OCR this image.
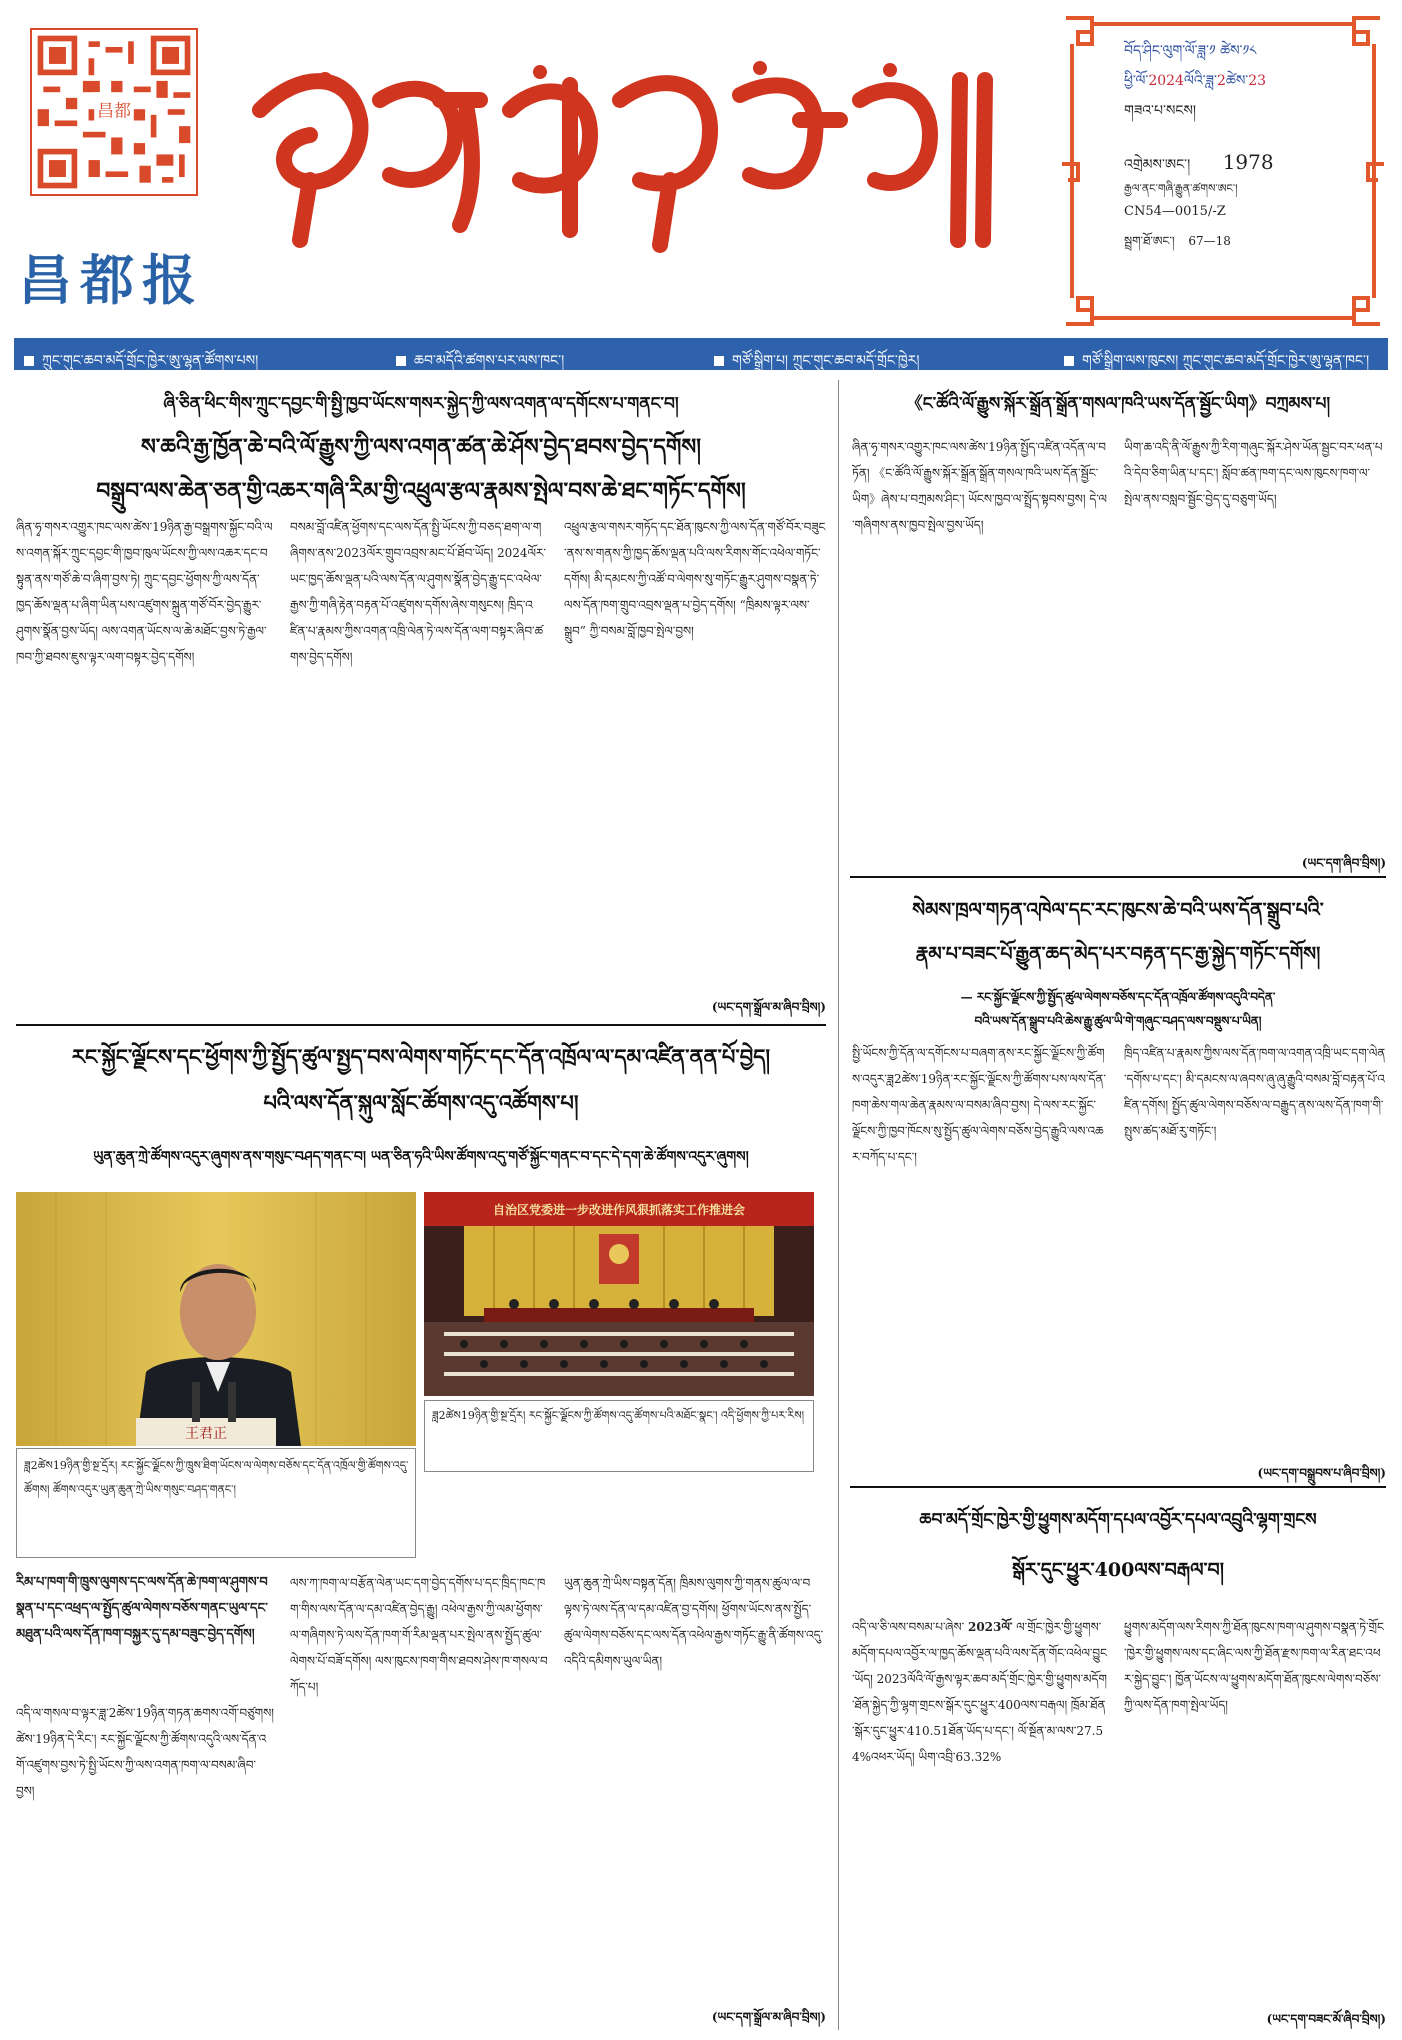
昌都
昌都报
བོད་ཤིང་ལུག་ལོ་ཟླ་༡ ཚེས་༡༨
ཕྱི་ལོ་2024ལོའི་ཟླ་2ཚེས་23
གཟའ་པ་སངས།
འགྲེམས་ཨང་། 1978
རྒྱལ་ནང་གཞི་རྒྱུན་ཚགས་ཨང་།
CN54—0015/-Z
སྦྲག་ཐོ་ཨང་། 67—18
ཀྲུང་གུང་ཆབ་མདོ་གྲོང་ཁྱེར་ཨུ་ལྷན་ཚོགས་པས།	ཆབ་མདོའི་ཚགས་པར་ལས་ཁང་།	གཙོ་སྒྲིག་པ། ཀྲུང་གུང་ཆབ་མདོ་གྲོང་ཁྱེར།	གཙོ་སྒྲིག་ལས་ཁུངས། ཀྲུང་གུང་ཆབ་མདོ་གྲོང་ཁྱེར་ཨུ་ལྷན་ཁང་།
ཞི་ཅིན་ཕིང་གིས་ཀྲུང་དབྱང་གི་སྤྱི་ཁྱབ་ཡོངས་གསར་སྐྱེད་ཀྱི་ལས་འགན་ལ་དགོངས་པ་གནང་བ།
ས་ཆའི་རྒྱ་ཁྱོན་ཆེ་བའི་ལོ་རྒྱུས་ཀྱི་ལས་འགན་ཚན་ཆེ་ཤོས་བྱེད་ཐབས་བྱེད་དགོས།
བསྒྲུབ་ལས་ཆེན་ཅན་གྱི་འཆར་གཞི་རིམ་གྱི་འཕྲུལ་རྩལ་རྣམས་སྤེལ་བས་ཆེ་ཐང་གཏོང་དགོས།
ཞིན་ཧྭ་གསར་འགྱུར་ཁང་ལས་ཚེས་19ཉིན་རྒྱ་བསྒྲགས་སྐྱོང་བའི་ལས་འགན་སྐོར་ཀྲུང་དབྱང་གི་ཁྱབ་ཁུལ་ཡོངས་ཀྱི་ལས་འཆར་དང་བསྟུན་ནས་གཙོ་ཆེ་བ་ཞིག་བྱས་ཏེ། ཀྲུང་དབྱང་ཕྱོགས་ཀྱི་ལས་དོན་ཁྱད་ཆོས་ལྡན་པ་ཞིག་ཡིན་པས་འཛུགས་སྐྲུན་གཙོ་བོར་བྱེད་རྒྱུར་ཤུགས་སྣོན་བྱས་ཡོད། ལས་འགན་ཡོངས་ལ་ཆེ་མཐོང་བྱས་ཏེ་རྒྱལ་ཁབ་ཀྱི་ཐབས་ཇུས་ལྟར་ལག་བསྟར་བྱེད་དགོས།
བསམ་བློ་འཛིན་ཕྱོགས་དང་ལས་དོན་སྤྱི་ཡོངས་ཀྱི་བཅད་ཐག་ལ་གཞིགས་ནས་2023ལོར་གྲུབ་འབྲས་མང་པོ་ཐོབ་ཡོད། 2024ལོར་ཡང་ཁྱད་ཆོས་ལྡན་པའི་ལས་དོན་ལ་ཤུགས་སྣོན་བྱེད་རྒྱུ་དང་འཕེལ་རྒྱས་ཀྱི་གཞི་རྟེན་བརྟན་པོ་འཛུགས་དགོས་ཞེས་གསུངས། ཁྲིད་འཛིན་པ་རྣམས་ཀྱིས་འགན་འཁྲི་ལེན་ཏེ་ལས་དོན་ལག་བསྟར་ཞིབ་ཚགས་བྱེད་དགོས།
འཕྲུལ་རྩལ་གསར་གཏོད་དང་ཐོན་ཁུངས་ཀྱི་ལས་དོན་གཙོ་བོར་བཟུང་ནས་ས་གནས་ཀྱི་ཁྱད་ཆོས་ལྡན་པའི་ལས་རིགས་གོང་འཕེལ་གཏོང་དགོས། མི་དམངས་ཀྱི་འཚོ་བ་ལེགས་སུ་གཏོང་རྒྱུར་ཤུགས་བསྣན་ཏེ་ལས་དོན་ཁག་གྲུབ་འབྲས་ལྡན་པ་བྱེད་དགོས། “ཁྲིམས་ལྟར་ལས་སྒྲུབ” ཀྱི་བསམ་བློ་ཁྱབ་སྤེལ་བྱས།
(ཡང་དག་སྒྲོལ་མ་ཞིབ་བྲིས།)
རང་སྐྱོང་ལྗོངས་དང་ཕྱོགས་ཀྱི་སྤྱོད་ཚུལ་སྤྱད་བས་ལེགས་གཏོང་དང་དོན་འཁྲོལ་ལ་དམ་འཛིན་ནན་པོ་བྱེད།
པའི་ལས་དོན་སྐུལ་སློང་ཚོགས་འདུ་འཚོགས་པ།
ཡུན་ཆུན་ཀྲེ་ཚོགས་འདུར་ཞུགས་ནས་གསུང་བཤད་གནང་བ། ཡན་ཅིན་ཧའི་ཡིས་ཚོགས་འདུ་གཙོ་སྐྱོང་གནང་བ་དང་དེ་དག་ཆེ་ཚོགས་འདུར་ཞུགས།
王君正
ཟླ2ཚེས19ཉིན་གྱི་སྔ་དྲོར། རང་སྐྱོང་ལྗོངས་ཀྱི་ཁྲུས་ཐིག་ཡོངས་ལ་ལེགས་བཅོས་དང་དོན་འཁྲོལ་གྱི་ཚོགས་འདུ་ཚོགས། ཚོགས་འདུར་ཡུན་ཆུན་ཀྲེ་ཡིས་གསུང་བཤད་གནང་།
自治区党委进一步改进作风狠抓落实工作推进会
ཟླ2ཚེས19ཉིན་གྱི་སྔ་དྲོར། རང་སྐྱོང་ལྗོངས་ཀྱི་ཚོགས་འདུ་ཚོགས་པའི་མཐོང་སྣང་། འདི་ཕྱོགས་ཀྱི་པར་རིས།
རིམ་པ་ཁག་གི་ཁྲུས་ལུགས་དང་ལས་དོན་ཆེ་ཁག་ལ་ཤུགས་བསྣན་པ་དང་འཕྲད་ལ་སྤྱོད་ཚུལ་ལེགས་བཅོས་གནང་ཡུལ་དང་མཐུན་པའི་ལས་དོན་ཁག་བསྐྱར་དུ་དམ་བཟུང་བྱེད་དགོས།
འདི་ལ་གསལ་བ་ལྟར་ཟླ་2ཚེས་19ཉིན་གཏན་ཆགས་འགོ་བཙུགས། ཚེས་19ཉིན་དེ་རིང་། རང་སྐྱོང་ལྗོངས་ཀྱི་ཚོགས་འདུའི་ལས་དོན་འགོ་འཛུགས་བྱས་ཏེ་སྤྱི་ཡོངས་ཀྱི་ལས་འགན་ཁག་ལ་བསམ་ཞིབ་བྱས།
ལས་ཀ་ཁག་ལ་བརྩོན་ལེན་ཡང་དག་བྱེད་དགོས་པ་དང་ཁྲིད་ཁང་ཁག་གིས་ལས་དོན་ལ་དམ་འཛིན་བྱེད་རྒྱུ། འཕེལ་རྒྱས་ཀྱི་ལམ་ཕྱོགས་ལ་གཞིགས་ཏེ་ལས་དོན་ཁག་གོ་རིམ་ལྡན་པར་སྤེལ་ནས་སྤྱོད་ཚུལ་ལེགས་པོ་བཟོ་དགོས། ལས་ཁུངས་ཁག་གིས་ཐབས་ཤེས་ཁ་གསལ་བཀོད་པ།
ཡུན་ཆུན་ཀྲེ་ཡིས་བསྟན་དོན། ཁྲིམས་ལུགས་ཀྱི་གནས་ཚུལ་ལ་བལྟས་ཏེ་ལས་དོན་ལ་དམ་འཛིན་བྱ་དགོས། ཕྱོགས་ཡོངས་ནས་སྤྱོད་ཚུལ་ལེགས་བཅོས་དང་ལས་དོན་འཕེལ་རྒྱས་གཏོང་རྒྱུ་ནི་ཚོགས་འདུ་འདིའི་དམིགས་ཡུལ་ཡིན།
(ཡང་དག་སྒྲོལ་མ་ཞིབ་བྲིས།)
《ང་ཚོའི་ལོ་རྒྱུས་སྐོར་སྒྲོན་སྒྲོན་གསལ་ཁའི་ཡས་དོན་སྦྱོང་ཡིག》བཀྲམས་པ།
ཞིན་ཧྭ་གསར་འགྱུར་ཁང་ལས་ཚེས་19ཉིན་སྤྱོད་འཛིན་འདོན་ལ་བཏོན། 《ང་ཚོའི་ལོ་རྒྱུས་སྐོར་སྒྲོན་སྒྲོན་གསལ་ཁའི་ཡས་དོན་སྦྱོང་ཡིག》ཞེས་པ་བཀྲམས་ཤིང་། ཡོངས་ཁྱབ་ལ་སྤྲོད་སྟབས་བྱས། དེ་ལ་གཞིགས་ནས་ཁྱབ་སྤེལ་བྱས་ཡོད།
ཡིག་ཆ་འདི་ནི་ལོ་རྒྱུས་ཀྱི་རིག་གཞུང་སྐོར་ཤེས་ཡོན་སྦྱང་བར་ཕན་པའི་དེབ་ཅིག་ཡིན་པ་དང་། སློབ་ཚན་ཁག་དང་ལས་ཁུངས་ཁག་ལ་སྤེལ་ནས་བསླབ་སྦྱོང་བྱེད་དུ་བཅུག་ཡོད།
(ཡང་དག་ཞིབ་བྲིས།)
སེམས་ཁྲལ་གཏན་འཁེལ་དང་རང་ཁུངས་ཆེ་བའི་ཡས་དོན་སྒྲུབ་པའི་
རྣམ་པ་བཟང་པོ་རྒྱུན་ཆད་མེད་པར་བརྟན་དང་རྒྱ་སྐྱེད་གཏོང་དགོས།
— རང་སྐྱོང་ལྗོངས་ཀྱི་སྤྱོད་ཚུལ་ལེགས་བཅོས་དང་དོན་འཁྲོལ་ཚོགས་འདུའི་བདེན་
བའི་ཡས་དོན་སྒྲུབ་པའི་ཆེས་རྒྱུ་ཚུལ་ཡི་གེ་གཞུང་བཤད་ལས་བསྡུས་པ་ཡིན།
སྤྱི་ཡོངས་ཀྱི་དོན་ལ་དགོངས་པ་བཞག་ནས་རང་སྐྱོང་ལྗོངས་ཀྱི་ཚོགས་འདུར་ཟླ2ཚེས་19ཉིན་རང་སྐྱོང་ལྗོངས་ཀྱི་ཚོགས་པས་ལས་དོན་ཁག་ཆེས་གལ་ཆེན་རྣམས་ལ་བསམ་ཞིབ་བྱས། དེ་ལས་རང་སྐྱོང་ལྗོངས་ཀྱི་ཁྱབ་ཁོངས་སུ་སྤྱོད་ཚུལ་ལེགས་བཅོས་བྱེད་རྒྱུའི་ལས་འཆར་བཀོད་པ་དང་།
ཁྲིད་འཛིན་པ་རྣམས་ཀྱིས་ལས་དོན་ཁག་ལ་འགན་འཁྲི་ཡང་དག་ལེན་དགོས་པ་དང་། མི་དམངས་ལ་ཞབས་ཞུ་ཞུ་རྒྱུའི་བསམ་བློ་བརྟན་པོ་འཛིན་དགོས། སྤྱོད་ཚུལ་ལེགས་བཅོས་ལ་བརྒྱུད་ནས་ལས་དོན་ཁག་གི་སྤུས་ཚད་མཐོ་རུ་གཏོང་།
(ཡང་དག་བསྒྲུབས་པ་ཞིབ་བྲིས།)
ཆབ་མདོ་གྲོང་ཁྱེར་གྱི་ཕྱུགས་མདོག་དཔལ་འབྱོར་དཔལ་འབྲུའི་ལྷག་གྲངས
སྒོར་དུང་ཕྱུར་400ལས་བརྒལ་བ།
འདི་ལ་ཅི་ལས་བསམ་པ་ཞེས་ 2023ལོ་ ལ་གྲོང་ཁྱེར་གྱི་ཕྱུགས་མདོག་དཔལ་འབྱོར་ལ་ཁྱད་ཆོས་ལྡན་པའི་ལས་དོན་གོང་འཕེལ་བྱུང་ཡོད། 2023ལོའི་ལོ་རྒྱས་ལྟར་ཆབ་མདོ་གྲོང་ཁྱེར་གྱི་ཕྱུགས་མདོག་ཐོན་སྐྱེད་ཀྱི་ལྷག་གྲངས་སྒོར་དུང་ཕྱུར་400ལས་བརྒལ། ཁྲོམ་ཐོན་སྒོར་དུང་ཕྱུར་410.51ཐོན་ཡོད་པ་དང་། ལོ་སྔོན་མ་ལས་27.54%འཕར་ཡོད། ཡིག་འབྲི་63.32%
ཕྱུགས་མདོག་ལས་རིགས་ཀྱི་ཐོན་ཁུངས་ཁག་ལ་ཤུགས་བསྣན་ཏེ་གྲོང་ཁྱེར་གྱི་ཕྱུགས་ལས་དང་ཞིང་ལས་ཀྱི་ཐོན་རྫས་ཁག་ལ་རིན་ཐང་འཕར་སྐྱེད་བྱུང་། ཁྱོན་ཡོངས་ལ་ཕྱུགས་མདོག་ཐོན་ཁུངས་ལེགས་བཅོས་ཀྱི་ལས་དོན་ཁག་སྤེལ་ཡོད།
(ཡང་དག་བཟང་མོ་ཞིབ་བྲིས།)
